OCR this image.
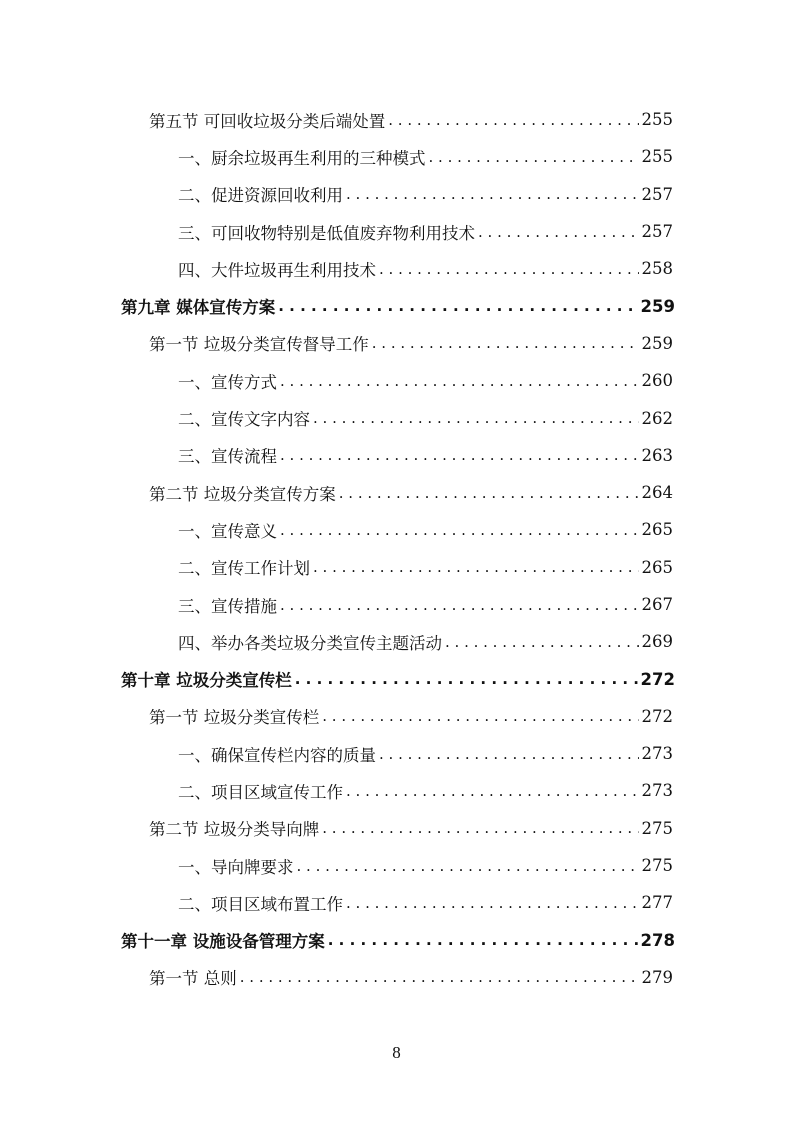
第五节 可回收垃圾分类后端处置 . . .	255
一、厨余垃圾再生利用的三种模式 . . .	255
二、促进资源回收利用 . . .	257
三、可回收物特别是低值废弃物利用技术 . . .	257
四、大件垃圾再生利用技术 . . .	258
第九章 媒体宣传方案 . . .	259
第一节 垃圾分类宣传督导工作 . . .	259
一、宣传方式 . . .	260
二、宣传文字内容 . . .	262
三、宣传流程 . . .	263
第二节 垃圾分类宣传方案 . . .	264
一、宣传意义 . . .	265
二、宣传工作计划 . . .	265
三、宣传措施 . . .	267
四、举办各类垃圾分类宣传主题活动 . . .	269
第十章 垃圾分类宣传栏 . . .	272
第一节 垃圾分类宣传栏 . . .	272
一、确保宣传栏内容的质量 . . .	273
二、项目区域宣传工作 . . .	273
第二节 垃圾分类导向牌 . . .	275
一、导向牌要求 . . .	275
二、项目区域布置工作 . . .	277
第十一章 设施设备管理方案 . . .	278
第一节 总则 . . .	279
8
